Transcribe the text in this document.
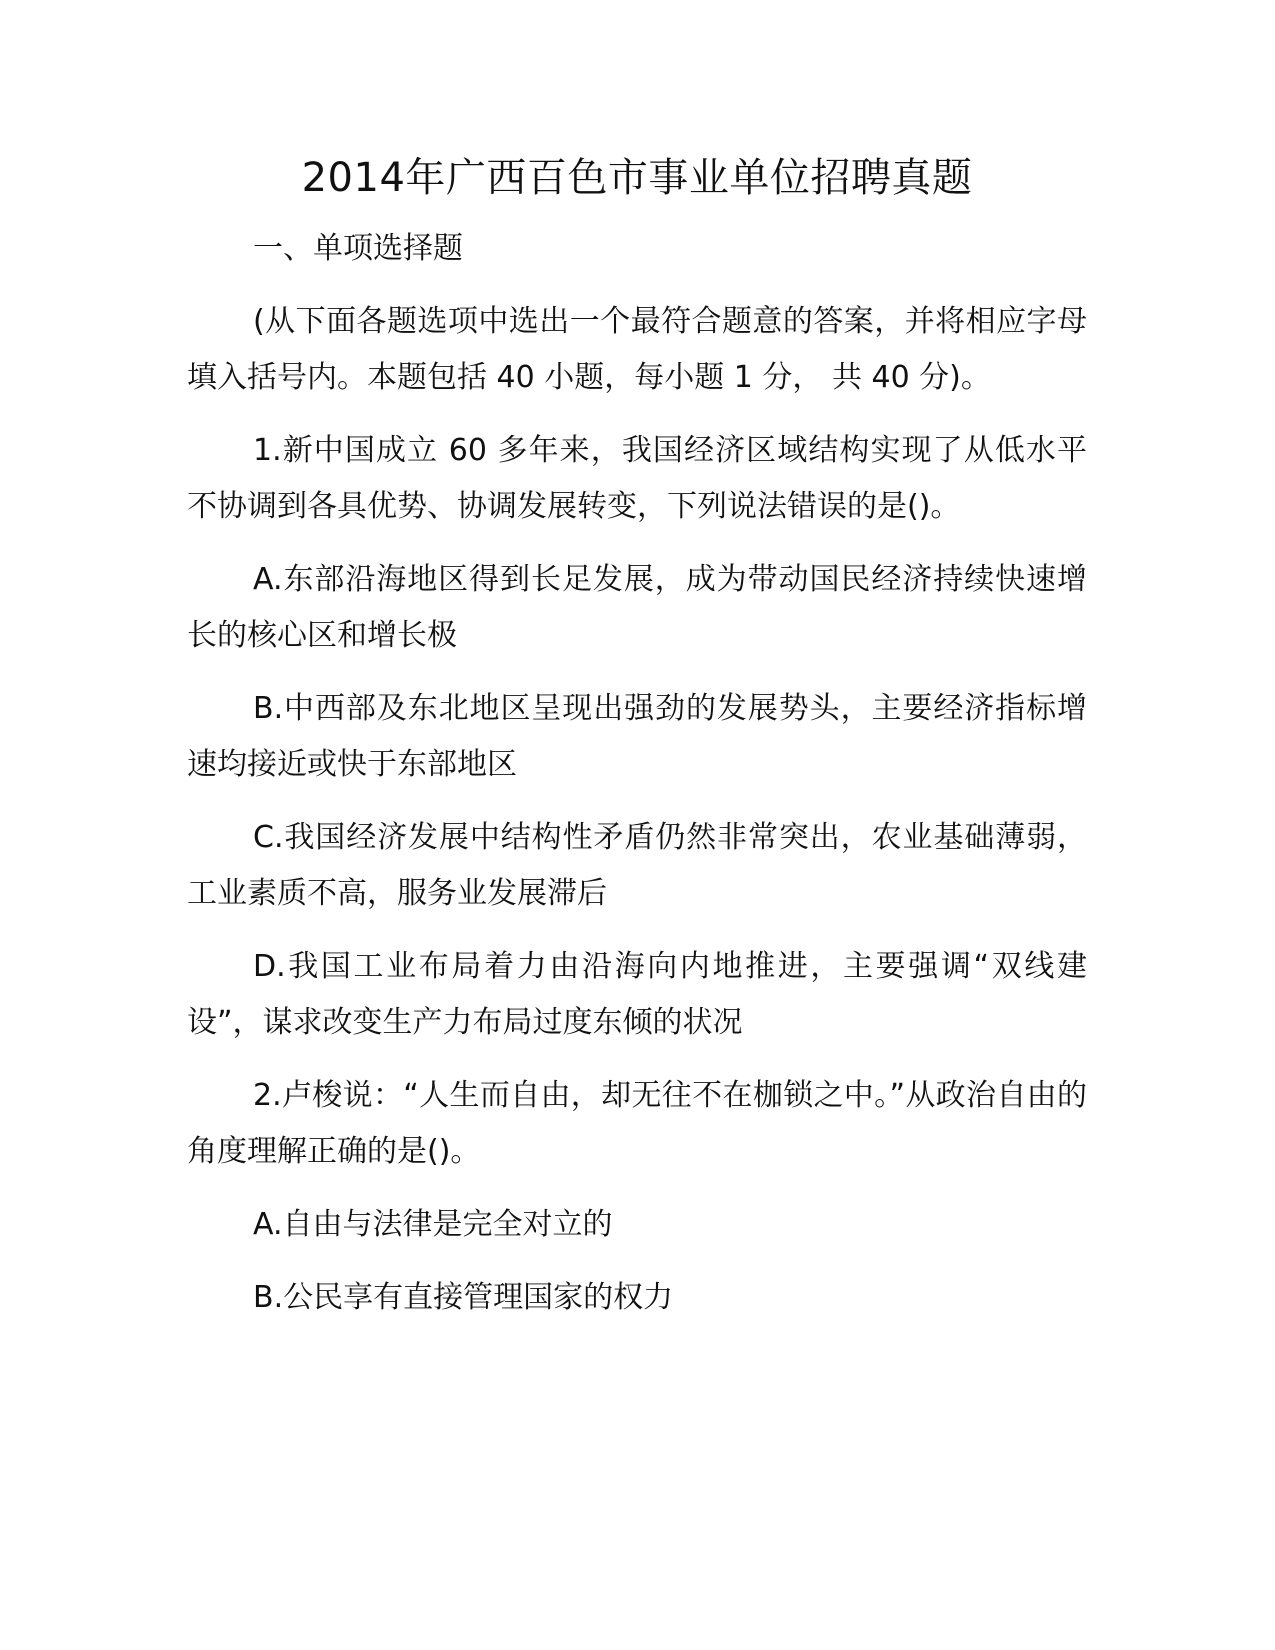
2014年广西百色市事业单位招聘真题

一、单项选择题

(从下面各题选项中选出一个最符合题意的答案，并将相应字母填入括号内。本题包括 40 小题，每小题 1 分， 共 40 分)。

1.新中国成立 60 多年来，我国经济区域结构实现了从低水平不协调到各具优势、协调发展转变，下列说法错误的是()。

A.东部沿海地区得到长足发展，成为带动国民经济持续快速增长的核心区和增长极

B.中西部及东北地区呈现出强劲的发展势头，主要经济指标增速均接近或快于东部地区

C.我国经济发展中结构性矛盾仍然非常突出，农业基础薄弱，工业素质不高，服务业发展滞后

D.我国工业布局着力由沿海向内地推进，主要强调“双线建设”，谋求改变生产力布局过度东倾的状况

2.卢梭说：“人生而自由，却无往不在枷锁之中。”从政治自由的角度理解正确的是()。

A.自由与法律是完全对立的

B.公民享有直接管理国家的权力
